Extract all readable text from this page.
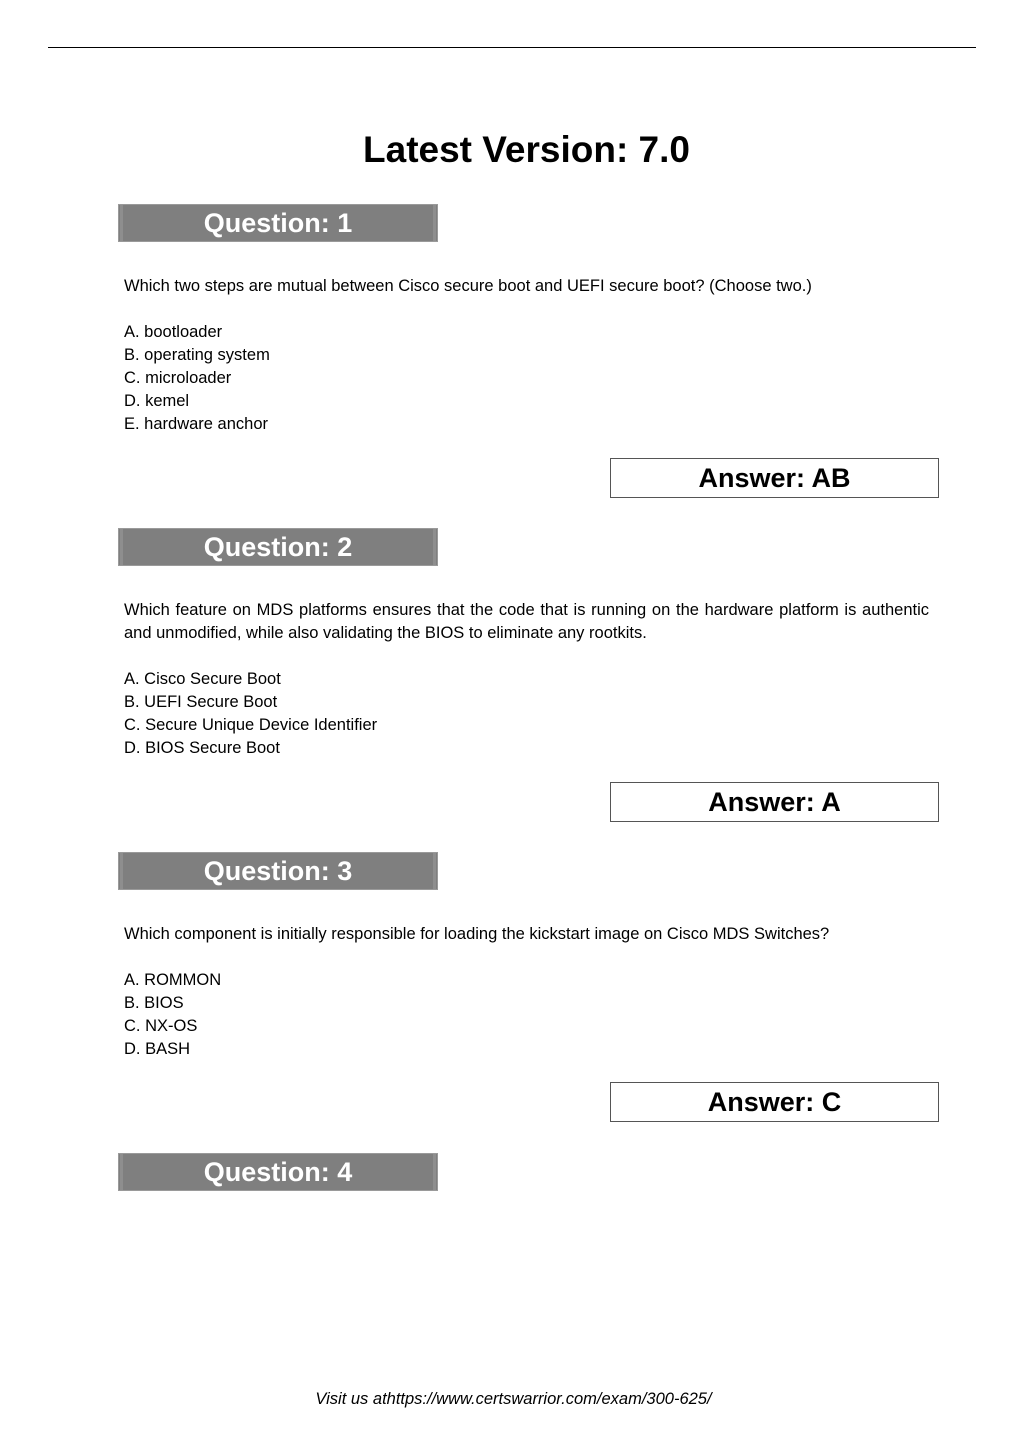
Latest Version: 7.0
Question: 1

Which two steps are mutual between Cisco secure boot and UEFI secure boot? (Choose two.)

A. bootloader
B. operating system
C. microloader
D. kemel
E. hardware anchor
Answer: AB
Question: 2

Which feature on MDS platforms ensures that the code that is running on the hardware platform is authentic and unmodified, while also validating the BIOS to eliminate any rootkits.

A. Cisco Secure Boot
B. UEFI Secure Boot
C. Secure Unique Device Identifier
D. BIOS Secure Boot
Answer: A
Question: 3

Which component is initially responsible for loading the kickstart image on Cisco MDS Switches?

A. ROMMON
B. BIOS
C. NX-OS
D. BASH
Answer: C
Question: 4
Visit us athttps://www.certswarrior.com/exam/300-625/
